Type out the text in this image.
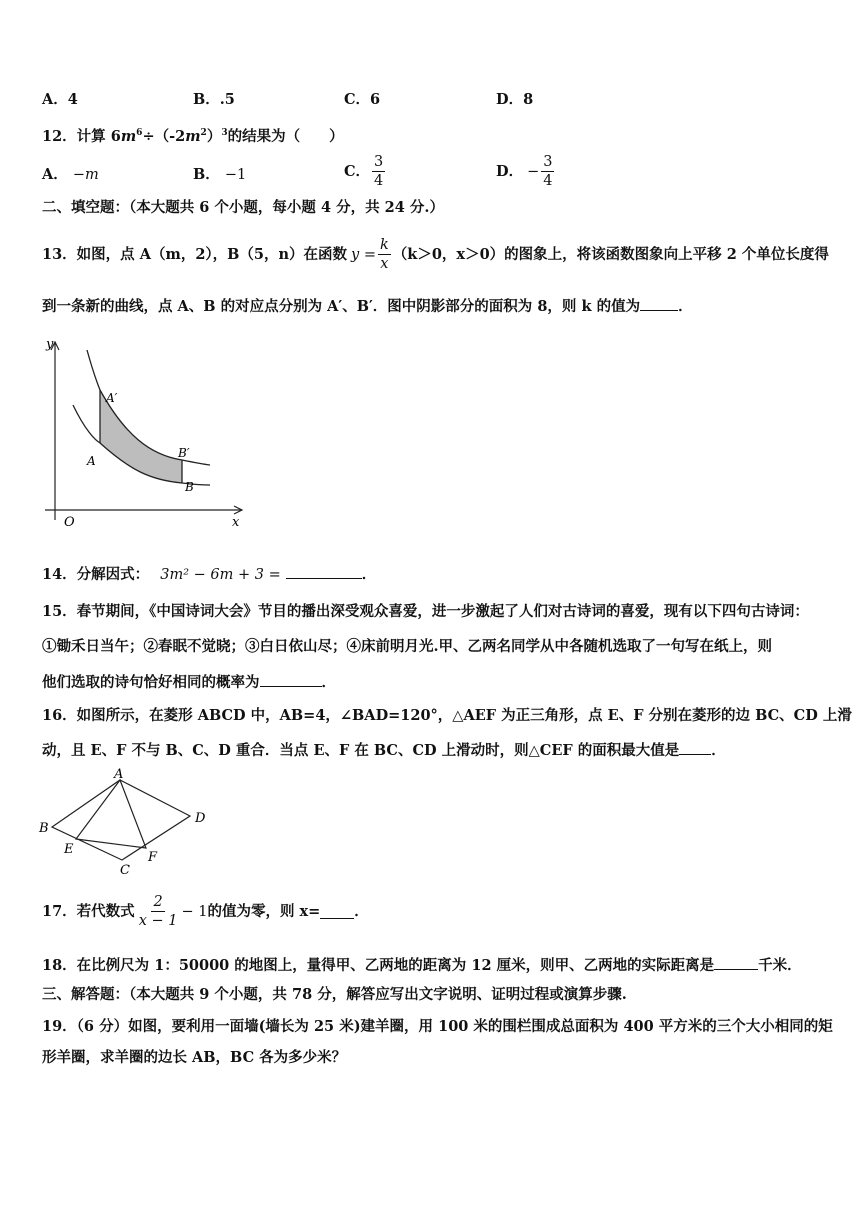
A．4	B．.5	C．6	D．8
12．计算 $6m^6\div(-2m^2)^3$的结果为（　　）
A． −m	B． −1	C． $\frac{3}{4}$	D． − $\frac{3}{4}$
二、填空题：（本大题共 6 个小题，每小题 4 分，共 24 分.）
13．如图，点 A（m，2），B（5，n）在函数 $y = \frac{k}{x} (k>0$，x＞0）的图象上，将该函数图象向上平移 2 个单位长度得
到一条新的曲线，点 A、B 的对应点分别为 A′、B′．图中阴影部分的面积为 8，则 k 的值为	．
y
x
O
A′
A
B′
B
14．分解因式： 3m² − 6m + 3 =	．
15．春节期间，《中国诗词大会》节目的播出深受观众喜爱，进一步激起了人们对古诗词的喜爱，现有以下四句古诗词：
①锄禾日当午；②春眠不觉晓；③白日依山尽；④床前明月光.甲、乙两名同学从中各随机选取了一句写在纸上，则
他们选取的诗句恰好相同的概率为	．
16．如图所示，在菱形 ABCD 中，AB=4，∠BAD=120°，△AEF 为正三角形，点 E、F 分别在菱形的边 BC、CD 上滑
动，且 E、F 不与 B、C、D 重合．当点 E、F 在 BC、CD 上滑动时，则△CEF 的面积最大值是 ．
A
B
C
D
E
F
17．若代数式 $\frac{2}{x - 1} - 1$ 的值为零，则 x= ．
18．在比例尺为 1：50000 的地图上，量得甲、乙两地的距离为 12 厘米，则甲、乙两地的实际距离是	千米．
三、解答题：（本大题共 9 个小题，共 78 分，解答应写出文字说明、证明过程或演算步骤.
19．（6 分）如图，要利用一面墙(墙长为 25 米)建羊圈，用 100 米的围栏围成总面积为 400 平方米的三个大小相同的矩
形羊圈，求羊圈的边长 AB，BC 各为多少米？
